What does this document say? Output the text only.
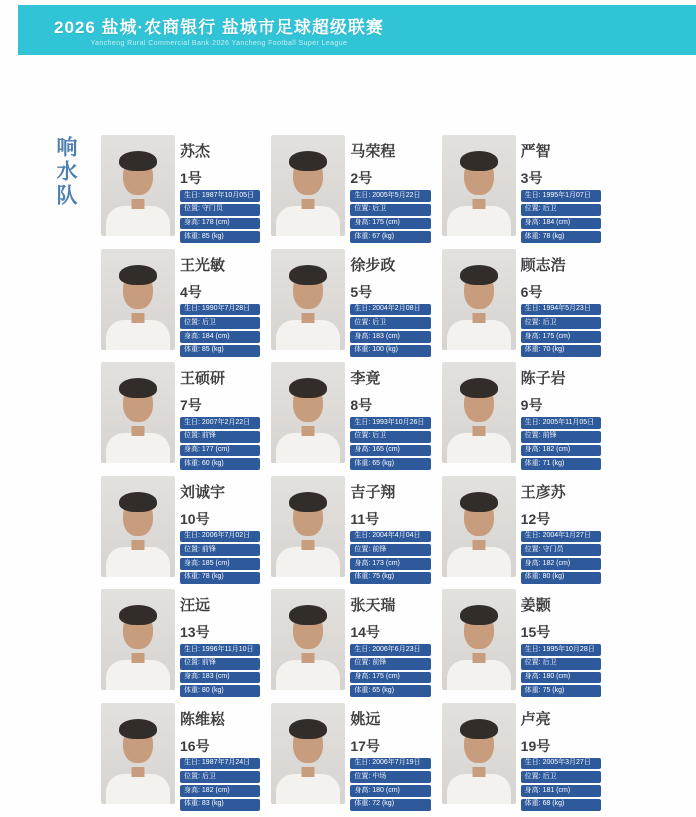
2026 盐城·农商银行 盐城市足球超级联赛
Yancheng Rural Commercial Bank·2026 Yancheng Football Super League
响水队	苏杰
1号
生日: 1987年10月05日
位置: 守门员
身高: 178 (cm)
体重: 85 (kg)
马荣程
2号
生日: 2005年5月22日
位置: 后卫
身高: 175 (cm)
体重: 67 (kg)
严智
3号
生日: 1995年1月07日
位置: 后卫
身高: 184 (cm)
体重: 78 (kg)
王光敏
4号
生日: 1990年7月28日
位置: 后卫
身高: 184 (cm)
体重: 85 (kg)
徐步政
5号
生日: 2004年2月08日
位置: 后卫
身高: 183 (cm)
体重: 100 (kg)
顾志浩
6号
生日: 1994年5月23日
位置: 后卫
身高: 175 (cm)
体重: 70 (kg)
王硕研
7号
生日: 2007年2月22日
位置: 前锋
身高: 177 (cm)
体重: 60 (kg)
李竟
8号
生日: 1993年10月26日
位置: 后卫
身高: 165 (cm)
体重: 65 (kg)
陈子岩
9号
生日: 2005年11月05日
位置: 前锋
身高: 182 (cm)
体重: 71 (kg)
刘诚宇
10号
生日: 2006年7月02日
位置: 前锋
身高: 185 (cm)
体重: 78 (kg)
吉子翔
11号
生日: 2004年4月04日
位置: 前锋
身高: 173 (cm)
体重: 75 (kg)
王彦苏
12号
生日: 2004年1月27日
位置: 守门员
身高: 182 (cm)
体重: 80 (kg)
汪远
13号
生日: 1996年11月10日
位置: 前锋
身高: 183 (cm)
体重: 80 (kg)
张天瑞
14号
生日: 2006年6月23日
位置: 前锋
身高: 175 (cm)
体重: 65 (kg)
姜颢
15号
生日: 1995年10月28日
位置: 后卫
身高: 180 (cm)
体重: 75 (kg)
陈维崧
16号
生日: 1987年7月24日
位置: 后卫
身高: 182 (cm)
体重: 83 (kg)
姚远
17号
生日: 2006年7月19日
位置: 中场
身高: 180 (cm)
体重: 72 (kg)
卢亮
19号
生日: 2005年3月27日
位置: 后卫
身高: 181 (cm)
体重: 68 (kg)
